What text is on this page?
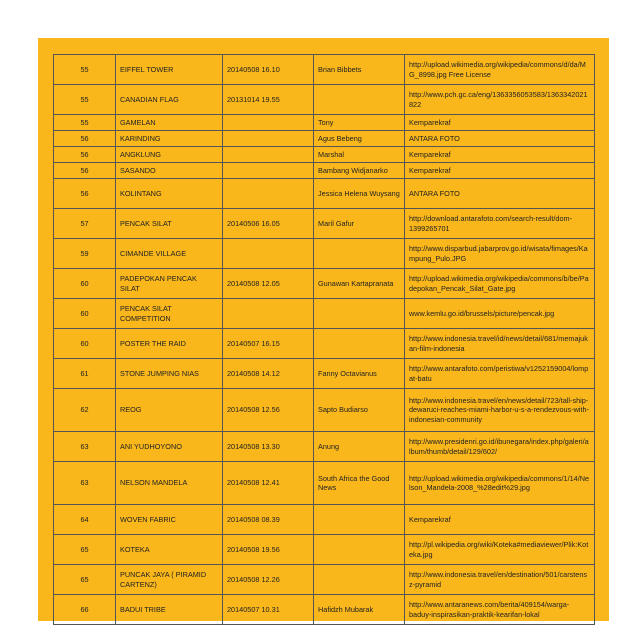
55	EIFFEL TOWER	20140508 16.10	Brian Bibbets	http://upload.wikimedia.org/wikipedia/commons/d/da/MG_8998.jpg Free License
55	CANADIAN FLAG	20131014 19.55		http://www.pch.gc.ca/eng/1363356053583/1363342021822
55	GAMELAN		Tony	Kemparekraf
56	KARINDING		Agus Bebeng	ANTARA FOTO
56	ANGKLUNG		Marshal	Kemparekraf
56	SASANDO		Bambang Widjanarko	Kemparekraf
56	KOLINTANG		Jessica Helena Wuysang	ANTARA FOTO
57	PENCAK SILAT	20140506 16.05	Maril Gafur	http://download.antarafoto.com/search-result/dom-1399265701
59	CIMANDE VILLAGE			http://www.disparbud.jabarprov.go.id/wisata/fimages/Kampung_Pulo.JPG
60	PADEPOKAN PENCAK SILAT	20140508 12.05	Gunawan Kartapranata	http://upload.wikimedia.org/wikipedia/commons/b/be/Padepokan_Pencak_Silat_Gate.jpg
60	PENCAK SILAT COMPETITION			www.kemlu.go.id/brussels/picture/pencak.jpg
60	POSTER THE RAID	20140507 16.15		http://www.indonesia.travel/id/news/detail/681/memajukan-film-indonesia
61	STONE JUMPING NIAS	20140508 14.12	Fanny Octavianus	http://www.antarafoto.com/peristiwa/v1252159004/lompat-batu
62	REOG	20140508 12.56	Sapto Budiarso	http://www.indonesia.travel/en/news/detail/723/tall-ship-dewaruci-reaches-miami-harbor-u-s-a-rendezvous-with-indonesian-community
63	ANI YUDHOYONO	20140508 13.30	Anung	http://www.presidenri.go.id/ibunegara/index.php/galeri/album/thumb/detail/129/602/
63	NELSON MANDELA	20140508 12.41	South Africa the Good News	http://upload.wikimedia.org/wikipedia/commons/1/14/Nelson_Mandela-2008_%28edit%29.jpg
64	WOVEN FABRIC	20140508 08.39		Kemparekraf
65	KOTEKA	20140508 19.56		http://pl.wikipedia.org/wiki/Koteka#mediaviewer/Plik:Koteka.jpg
65	PUNCAK JAYA ( PIRAMID CARTENZ)	20140508 12.26		http://www.indonesia.travel/en/destination/501/carstensz-pyramid
66	BADUI TRIBE	20140507 10.31	Hafidzh Mubarak	http://www.antaranews.com/berita/409154/warga-baduy-inspirasikan-praktik-kearifan-lokal
